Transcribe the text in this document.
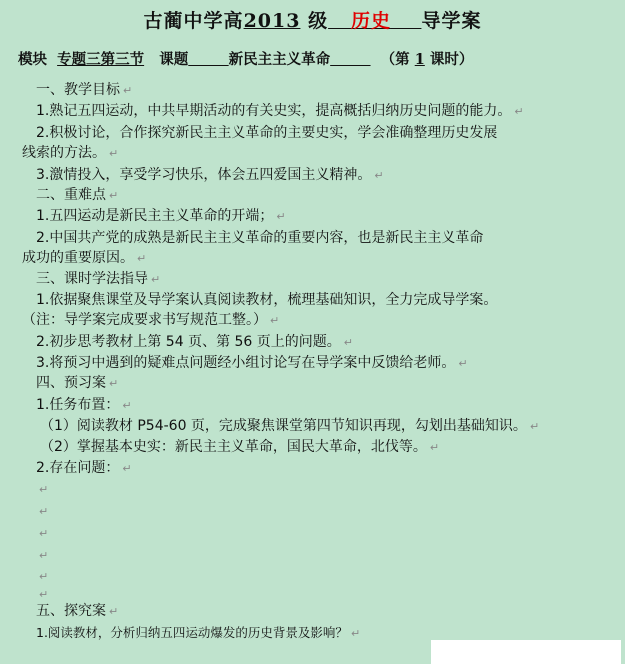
古蔺中学高2013 级 历史 导学案
模块 专题三第三节 课题	新民主主义革命	（第 1 课时）
一、教学目标 ↵
1.熟记五四运动，中共早期活动的有关史实，提高概括归纳历史问题的能力。 ↵
2.积极讨论，合作探究新民主主义革命的主要史实，学会准确整理历史发展
线索的方法。 ↵
3.激情投入，享受学习快乐，体会五四爱国主义精神。 ↵
二、重难点 ↵
1.五四运动是新民主主义革命的开端； ↵
2.中国共产党的成熟是新民主主义革命的重要内容，也是新民主主义革命
成功的重要原因。 ↵
三、课时学法指导 ↵
1.依据聚焦课堂及导学案认真阅读教材，梳理基础知识，全力完成导学案。
（注：导学案完成要求书写规范工整。） ↵
2.初步思考教材上第 54 页、第 56 页上的问题。 ↵
3.将预习中遇到的疑难点问题经小组讨论写在导学案中反馈给老师。 ↵
四、预习案 ↵
1.任务布置： ↵
（1）阅读教材 P54-60 页，完成聚焦课堂第四节知识再现，勾划出基础知识。 ↵
（2）掌握基本史实：新民主主义革命，国民大革命，北伐等。 ↵
2.存在问题： ↵
↵
↵
↵
↵
↵
↵
五、探究案 ↵
1.阅读教材，分析归纳五四运动爆发的历史背景及影响？ ↵
